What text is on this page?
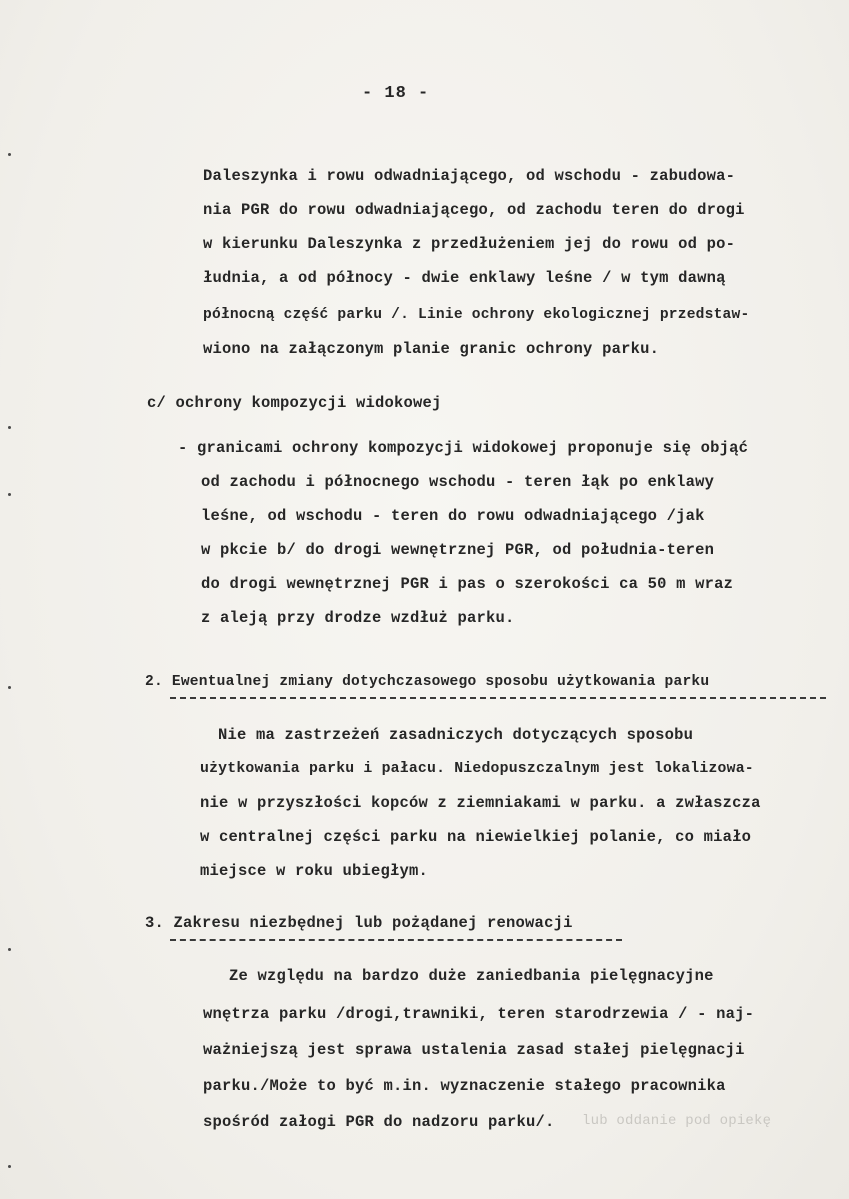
- 18 -
Daleszynka i rowu odwadniającego, od wschodu - zabudowa-
nia PGR do rowu odwadniającego, od zachodu teren do drogi
w kierunku Daleszynka z przedłużeniem jej do rowu od po-
łudnia, a od północy - dwie enklawy leśne / w tym dawną
północną część parku /. Linie ochrony ekologicznej przedstaw-
wiono na załączonym planie granic ochrony parku.
c/ ochrony kompozycji widokowej
- granicami ochrony kompozycji widokowej proponuje się objąć
od zachodu i północnego wschodu - teren łąk po enklawy
leśne, od wschodu - teren do rowu odwadniającego /jak
w pkcie b/ do drogi wewnętrznej PGR, od południa-teren
do drogi wewnętrznej PGR i pas o szerokości ca 50 m wraz
z aleją przy drodze wzdłuż parku.
2. Ewentualnej zmiany dotychczasowego sposobu użytkowania parku
Nie ma zastrzeżeń zasadniczych dotyczących sposobu
użytkowania parku i pałacu. Niedopuszczalnym jest lokalizowa-
nie w przyszłości kopców z ziemniakami w parku. a zwłaszcza
w centralnej części parku na niewielkiej polanie, co miało
miejsce w roku ubiegłym.
3. Zakresu niezbędnej lub pożądanej renowacji
Ze względu na bardzo duże zaniedbania pielęgnacyjne
wnętrza parku /drogi,trawniki, teren starodrzewia / - naj-
ważniejszą jest sprawa ustalenia zasad stałej pielęgnacji
parku./Może to być m.in. wyznaczenie stałego pracownika
spośród załogi PGR do nadzoru parku/. lub oddanie pod opiekę
